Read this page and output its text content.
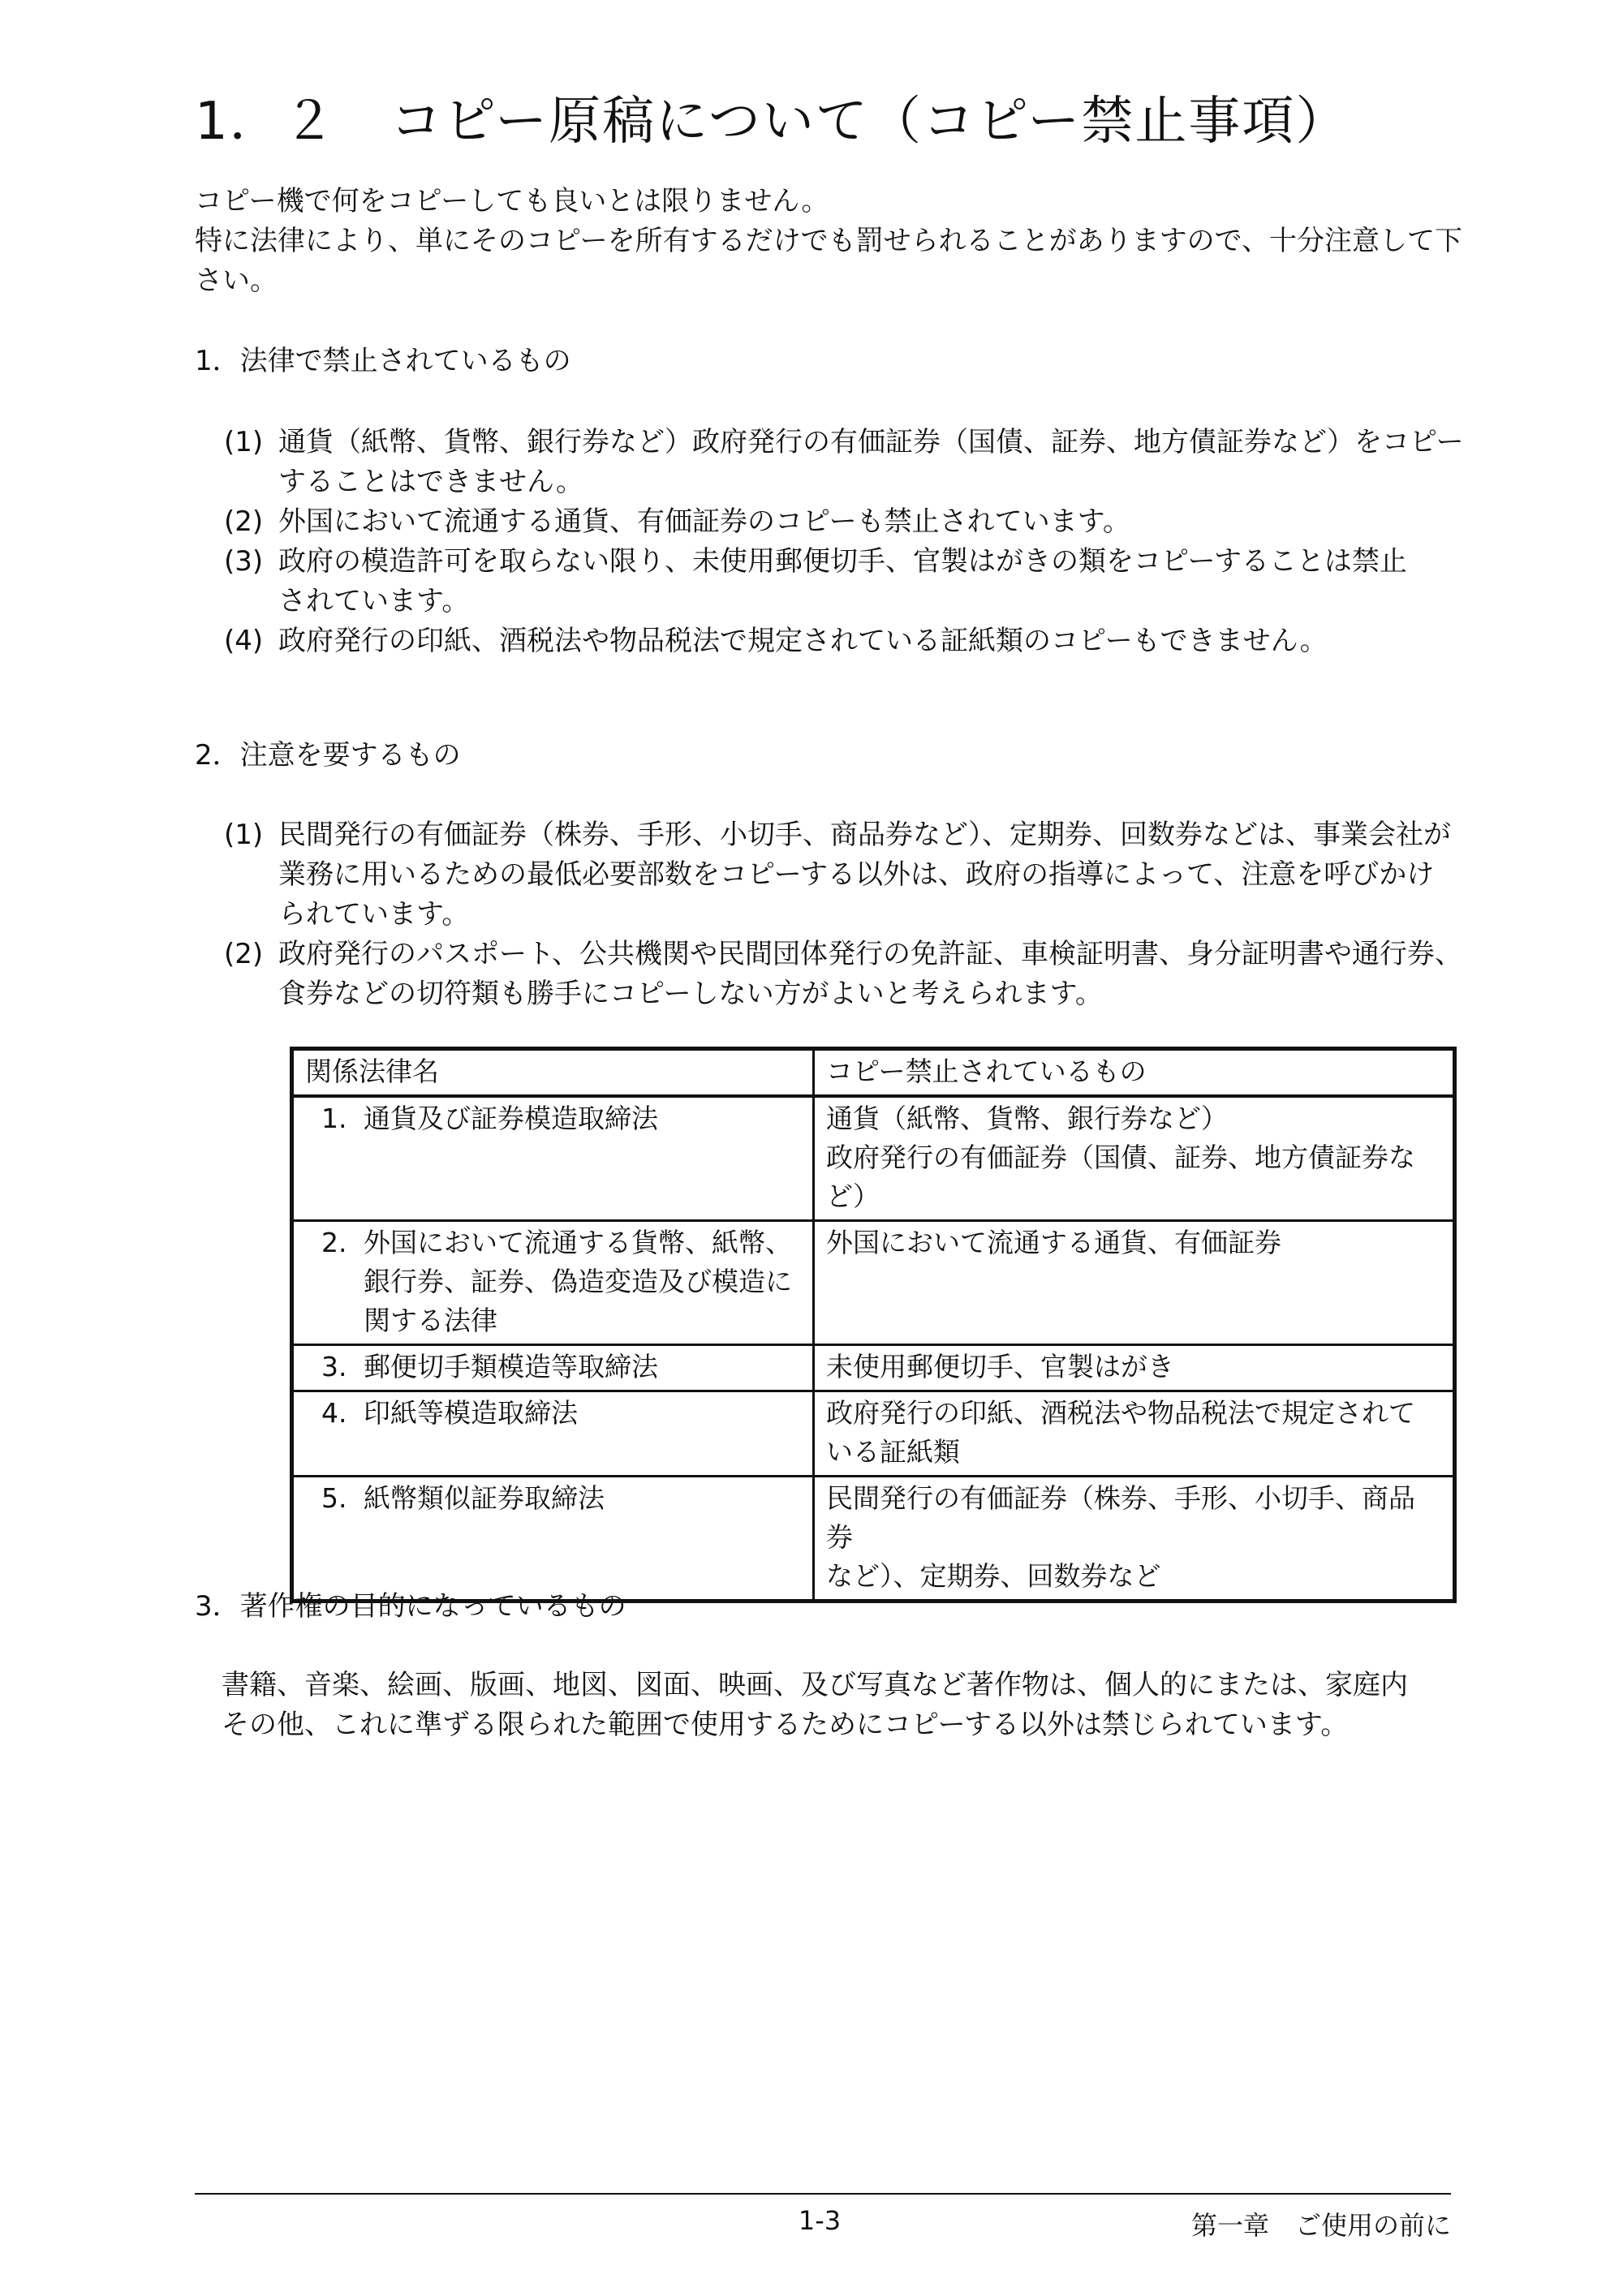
1．２　コピー原稿について（コピー禁止事項）
コピー機で何をコピーしても良いとは限りません。
特に法律により、単にそのコピーを所有するだけでも罰せられることがありますので、十分注意して下
さい。
1．法律で禁止されているもの
(1) 通貨（紙幣、貨幣、銀行券など）政府発行の有価証券（国債、証券、地方債証券など）をコピー
することはできません。
(2) 外国において流通する通貨、有価証券のコピーも禁止されています。
(3) 政府の模造許可を取らない限り、未使用郵便切手、官製はがきの類をコピーすることは禁止
されています。
(4) 政府発行の印紙、酒税法や物品税法で規定されている証紙類のコピーもできません。
2．注意を要するもの
(1) 民間発行の有価証券（株券、手形、小切手、商品券など）、定期券、回数券などは、事業会社が
業務に用いるための最低必要部数をコピーする以外は、政府の指導によって、注意を呼びかけ
られています。
(2) 政府発行のパスポート、公共機関や民間団体発行の免許証、車検証明書、身分証明書や通行券、
食券などの切符類も勝手にコピーしない方がよいと考えられます。
関係法律名	コピー禁止されているもの

1. 通貨及び証券模造取締法	通貨（紙幣、貨幣、銀行券など）
政府発行の有価証券（国債、証券、地方債証券など）

2. 外国において流通する貨幣、紙幣、
銀行券、証券、偽造変造及び模造に
関する法律	外国において流通する通貨、有価証券

3. 郵便切手類模造等取締法	未使用郵便切手、官製はがき

4. 印紙等模造取締法	政府発行の印紙、酒税法や物品税法で規定されて
いる証紙類

5. 紙幣類似証券取締法	民間発行の有価証券（株券、手形、小切手、商品券
など）、定期券、回数券など
3．著作権の目的になっているもの
書籍、音楽、絵画、版画、地図、図面、映画、及び写真など著作物は、個人的にまたは、家庭内
その他、これに準ずる限られた範囲で使用するためにコピーする以外は禁じられています。
1-3	第一章　ご使用の前に
